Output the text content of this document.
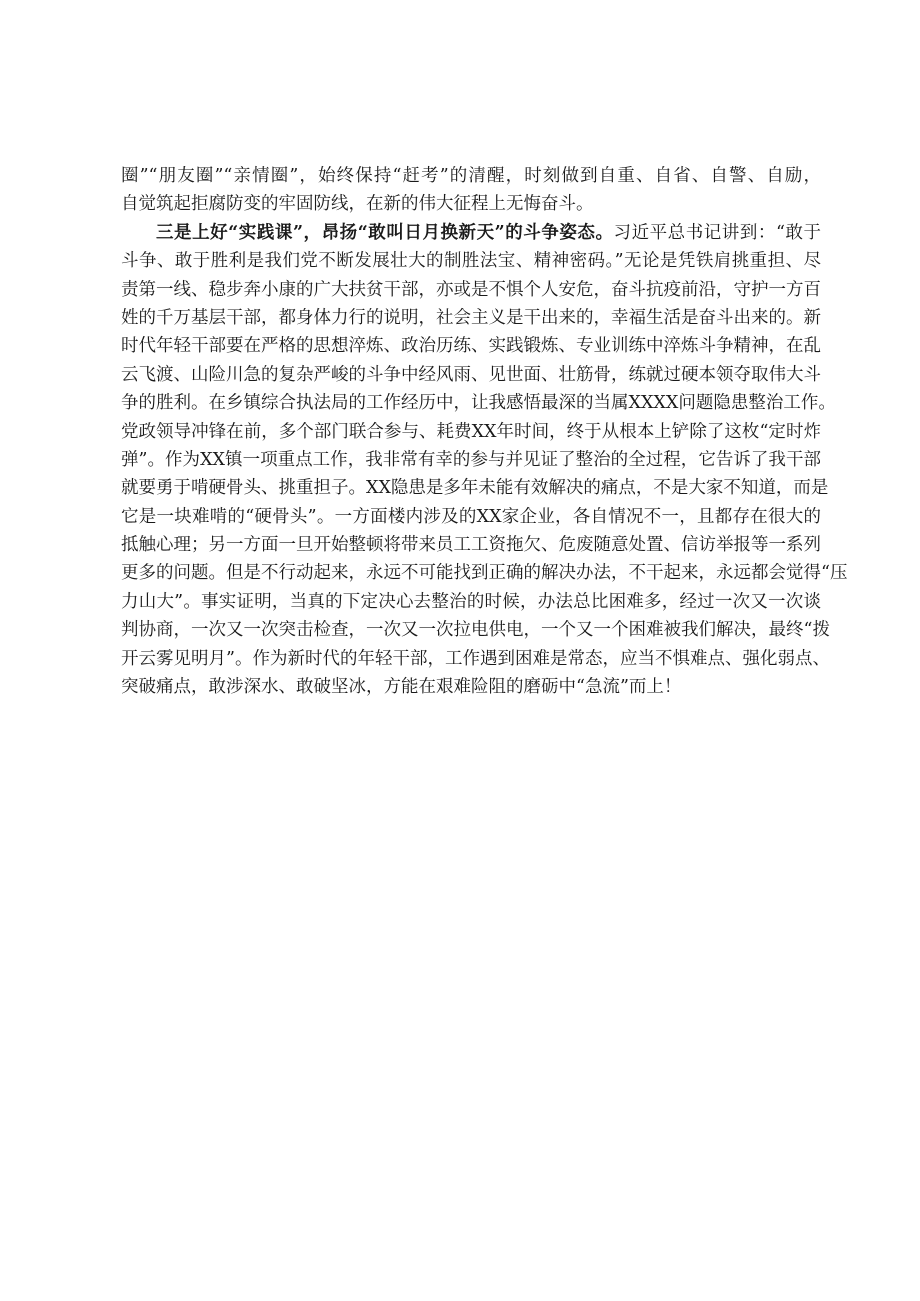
圈”“朋友圈”“亲情圈”，始终保持“赶考”的清醒，时刻做到自重、自省、自警、自励，
自觉筑起拒腐防变的牢固防线，在新的伟大征程上无悔奋斗。
三是上好“实践课”，昂扬“敢叫日月换新天”的斗争姿态。习近平总书记讲到：“敢于
斗争、敢于胜利是我们党不断发展壮大的制胜法宝、精神密码。”无论是凭铁肩挑重担、尽
责第一线、稳步奔小康的广大扶贫干部，亦或是不惧个人安危，奋斗抗疫前沿，守护一方百
姓的千万基层干部，都身体力行的说明，社会主义是干出来的，幸福生活是奋斗出来的。新
时代年轻干部要在严格的思想淬炼、政治历练、实践锻炼、专业训练中淬炼斗争精神，在乱
云飞渡、山险川急的复杂严峻的斗争中经风雨、见世面、壮筋骨，练就过硬本领夺取伟大斗
争的胜利。在乡镇综合执法局的工作经历中，让我感悟最深的当属XXXX问题隐患整治工作。
党政领导冲锋在前，多个部门联合参与、耗费XX年时间，终于从根本上铲除了这枚“定时炸
弹”。作为XX镇一项重点工作，我非常有幸的参与并见证了整治的全过程，它告诉了我干部
就要勇于啃硬骨头、挑重担子。XX隐患是多年未能有效解决的痛点，不是大家不知道，而是
它是一块难啃的“硬骨头”。一方面楼内涉及的XX家企业，各自情况不一，且都存在很大的
抵触心理；另一方面一旦开始整顿将带来员工工资拖欠、危废随意处置、信访举报等一系列
更多的问题。但是不行动起来，永远不可能找到正确的解决办法，不干起来，永远都会觉得“压
力山大”。事实证明，当真的下定决心去整治的时候，办法总比困难多，经过一次又一次谈
判协商，一次又一次突击检查，一次又一次拉电供电，一个又一个困难被我们解决，最终“拨
开云雾见明月”。作为新时代的年轻干部，工作遇到困难是常态，应当不惧难点、强化弱点、
突破痛点，敢涉深水、敢破坚冰，方能在艰难险阻的磨砺中“急流”而上！
